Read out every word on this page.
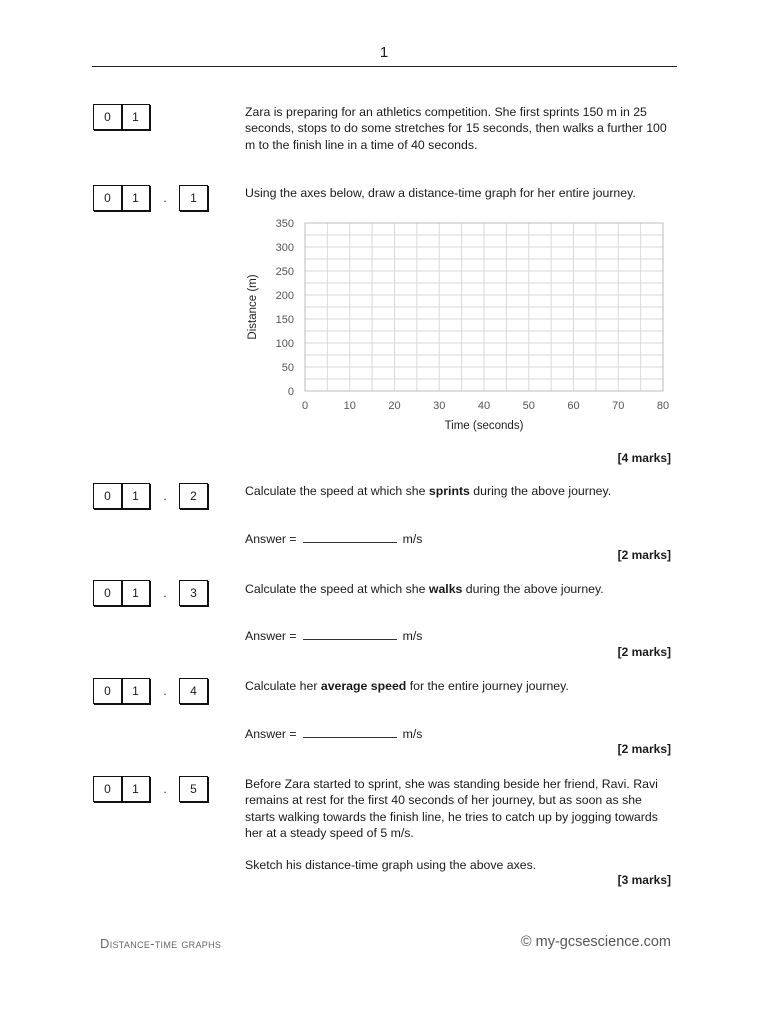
1
0	1	Zara is preparing for an athletics competition. She first sprints 150 m in 25 seconds, stops to do some stretches for 15 seconds, then walks a further 100 m to the finish line in a time of 40 seconds.
0	1	.	1	Using the axes below, draw a distance-time graph for her entire journey.
0	10	20	30	40	50	60	70	80
0
50
100
150
200
250
300
350
Time (seconds)
Distance (m)
[4 marks]
0	1	.	2	Calculate the speed at which she sprints during the above journey.
Answer =	m/s
[2 marks]
0	1	.	3	Calculate the speed at which she walks during the above journey.
Answer =	m/s
[2 marks]
0	1	.	4	Calculate her average speed for the entire journey journey.
Answer =	m/s
[2 marks]
0	1	.	5	Before Zara started to sprint, she was standing beside her friend, Ravi. Ravi remains at rest for the first 40 seconds of her journey, but as soon as she starts walking towards the finish line, he tries to catch up by jogging towards her at a steady speed of 5 m/s.
Sketch his distance-time graph using the above axes.
[3 marks]
Distance-time graphs	© my-gcsescience.com
